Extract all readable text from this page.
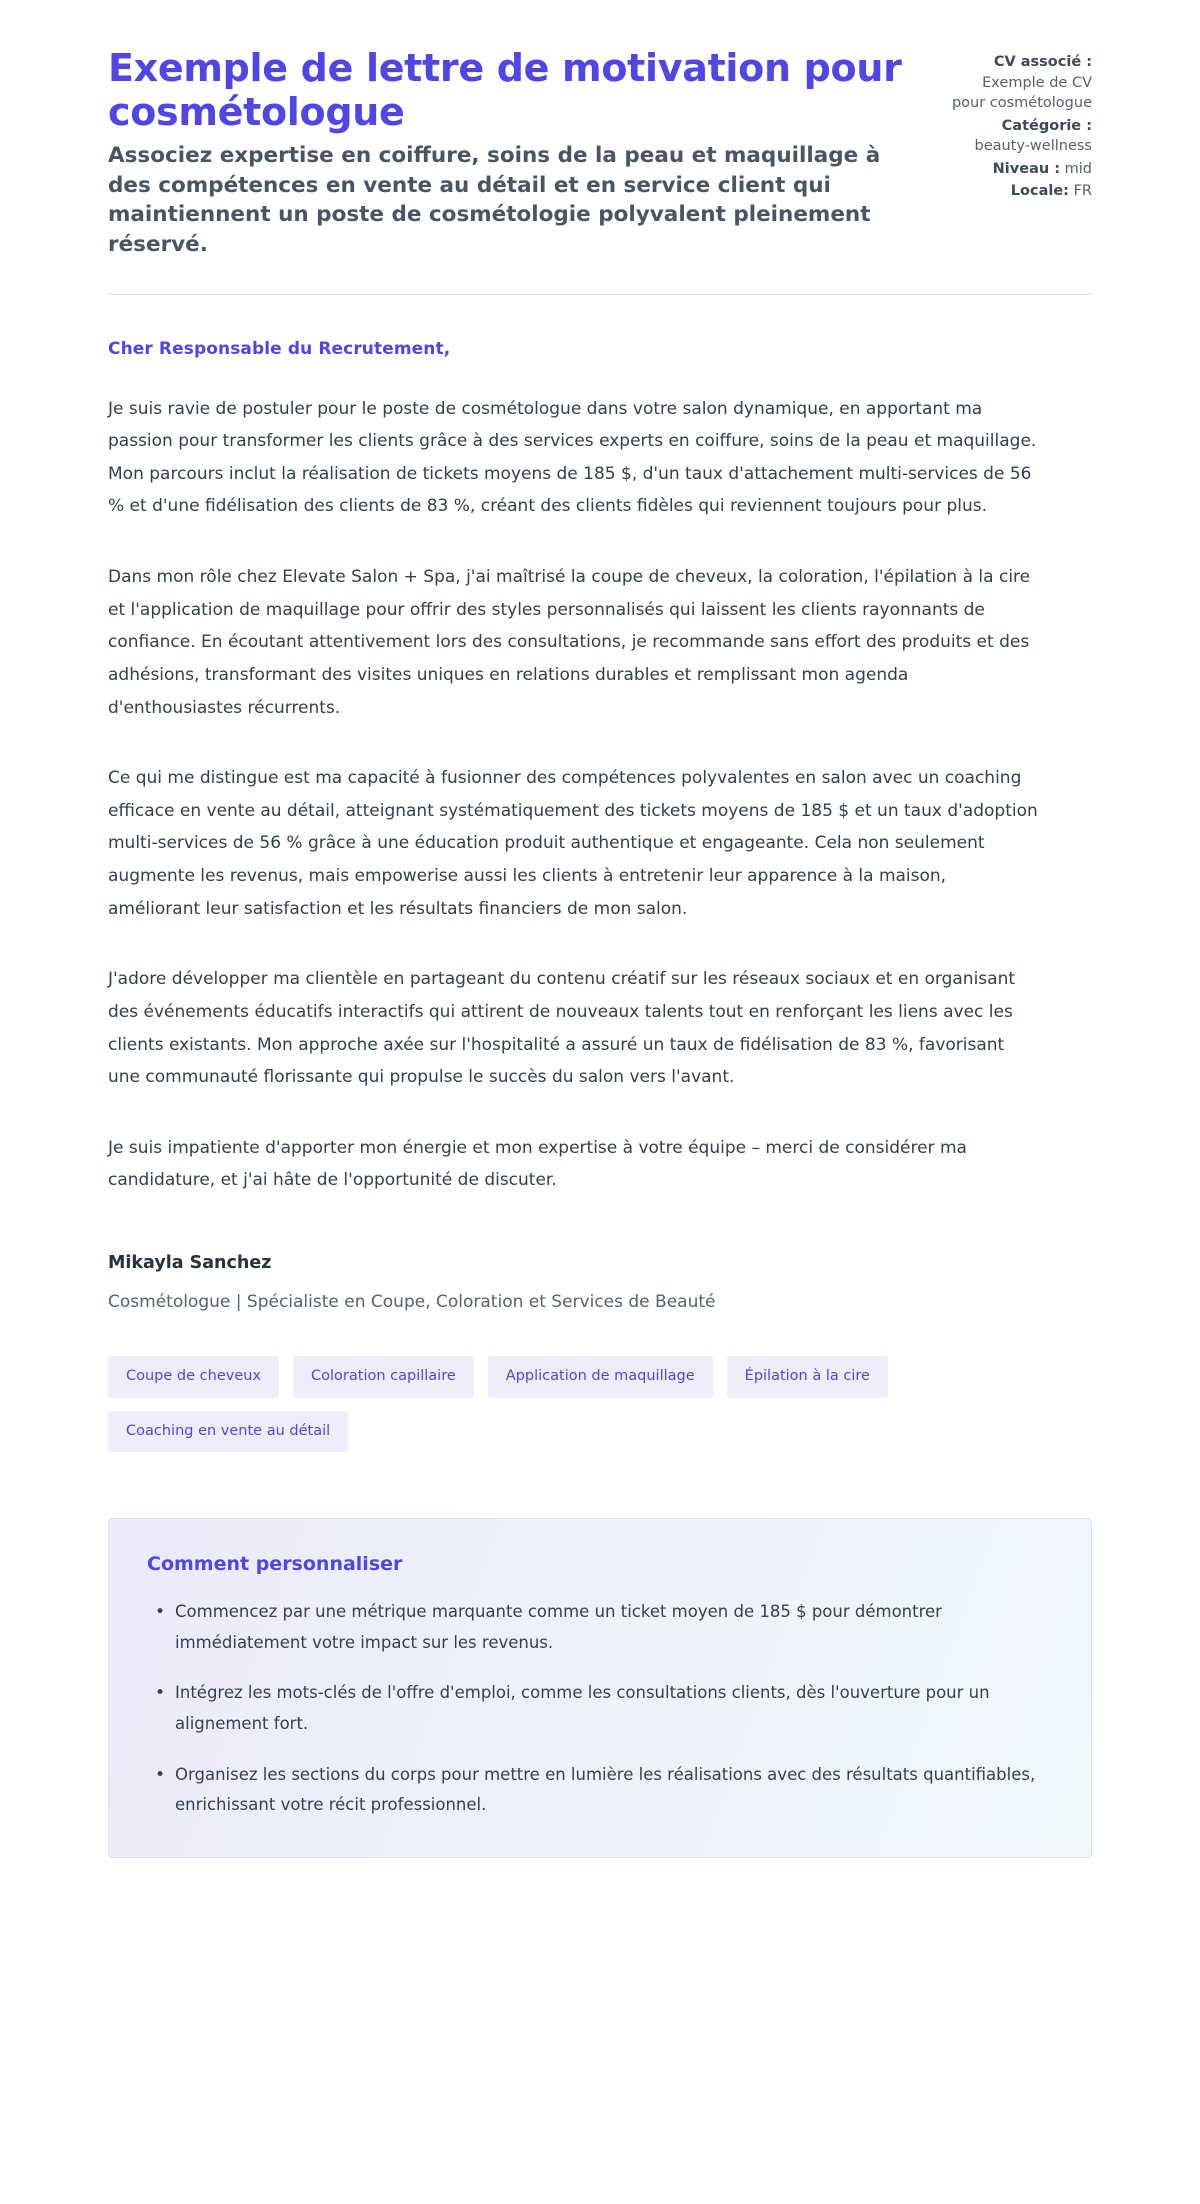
Exemple de lettre de motivation pour cosmétologue

Associez expertise en coiffure, soins de la peau et maquillage à des compétences en vente au détail et en service client qui maintiennent un poste de cosmétologie polyvalent pleinement réservé.

CV associé : Exemple de CV pour cosmétologue
Catégorie : beauty-wellness
Niveau : mid
Locale: FR

Cher Responsable du Recrutement,

Je suis ravie de postuler pour le poste de cosmétologue dans votre salon dynamique, en apportant ma passion pour transformer les clients grâce à des services experts en coiffure, soins de la peau et maquillage. Mon parcours inclut la réalisation de tickets moyens de 185 $, d'un taux d'attachement multi-services de 56 % et d'une fidélisation des clients de 83 %, créant des clients fidèles qui reviennent toujours pour plus.

Dans mon rôle chez Elevate Salon + Spa, j'ai maîtrisé la coupe de cheveux, la coloration, l'épilation à la cire et l'application de maquillage pour offrir des styles personnalisés qui laissent les clients rayonnants de confiance. En écoutant attentivement lors des consultations, je recommande sans effort des produits et des adhésions, transformant des visites uniques en relations durables et remplissant mon agenda d'enthousiastes récurrents.

Ce qui me distingue est ma capacité à fusionner des compétences polyvalentes en salon avec un coaching efficace en vente au détail, atteignant systématiquement des tickets moyens de 185 $ et un taux d'adoption multi-services de 56 % grâce à une éducation produit authentique et engageante. Cela non seulement augmente les revenus, mais empowerise aussi les clients à entretenir leur apparence à la maison, améliorant leur satisfaction et les résultats financiers de mon salon.

J'adore développer ma clientèle en partageant du contenu créatif sur les réseaux sociaux et en organisant des événements éducatifs interactifs qui attirent de nouveaux talents tout en renforçant les liens avec les clients existants. Mon approche axée sur l'hospitalité a assuré un taux de fidélisation de 83 %, favorisant une communauté florissante qui propulse le succès du salon vers l'avant.

Je suis impatiente d'apporter mon énergie et mon expertise à votre équipe – merci de considérer ma candidature, et j'ai hâte de l'opportunité de discuter.

Mikayla Sanchez

Cosmétologue | Spécialiste en Coupe, Coloration et Services de Beauté

Coupe de cheveux	Coloration capillaire	Application de maquillage	Épilation à la cire
Coaching en vente au détail
Comment personnaliser
• Commencez par une métrique marquante comme un ticket moyen de 185 $ pour démontrer immédiatement votre impact sur les revenus.
• Intégrez les mots-clés de l'offre d'emploi, comme les consultations clients, dès l'ouverture pour un alignement fort.
• Organisez les sections du corps pour mettre en lumière les réalisations avec des résultats quantifiables, enrichissant votre récit professionnel.
